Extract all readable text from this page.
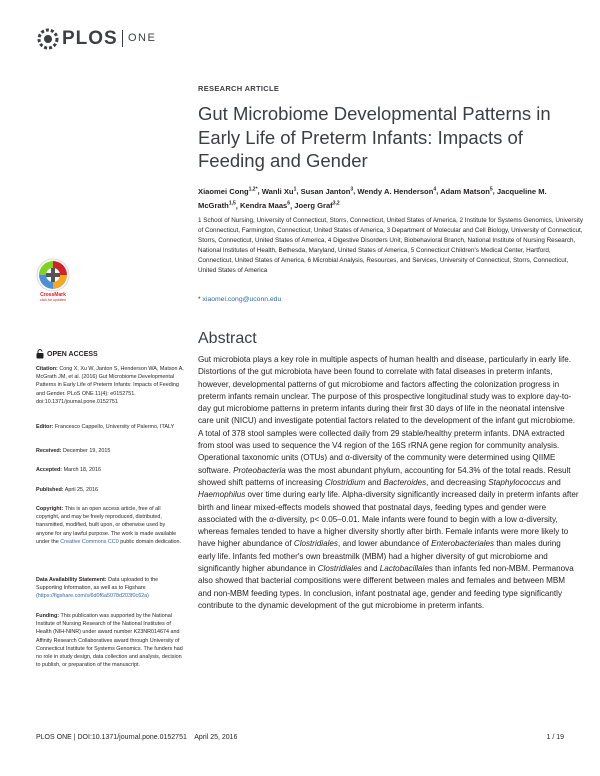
PLOS ONE
RESEARCH ARTICLE
Gut Microbiome Developmental Patterns in Early Life of Preterm Infants: Impacts of Feeding and Gender
Xiaomei Cong$^{1,2*}$, Wanli Xu$^1$, Susan Janton$^3$, Wendy A. Henderson$^4$, Adam Matson$^5$, Jacqueline M. McGrath$^{1,5}$, Kendra Maas$^6$, Joerg Graf$^{3,2}$
1 School of Nursing, University of Connecticut, Storrs, Connecticut, United States of America, 2 Institute for Systems Genomics, University of Connecticut, Farmington, Connecticut, United States of America, 3 Department of Molecular and Cell Biology, University of Connecticut, Storrs, Connecticut, United States of America, 4 Digestive Disorders Unit, Biobehavioral Branch, National Institute of Nursing Research, National Institutes of Health, Bethesda, Maryland, United States of America, 5 Connecticut Children's Medical Center, Hartford, Connecticut, United States of America, 6 Microbial Analysis, Resources, and Services, University of Connecticut, Storrs, Connecticut, United States of America
* xiaomei.cong@uconn.edu
CrossMark
click for updates
OPEN ACCESS
Citation: Cong X, Xu W, Janton S, Henderson WA, Matson A, McGrath JM, et al. (2016) Gut Microbiome Developmental Patterns in Early Life of Preterm Infants: Impacts of Feeding and Gender. PLoS ONE 11(4): e0152751. doi:10.1371/journal.pone.0152751
Editor: Francesco Cappello, University of Palermo, ITALY
Received: December 19, 2015
Accepted: March 18, 2016
Published: April 25, 2016
Copyright: This is an open access article, free of all copyright, and may be freely reproduced, distributed, transmitted, modified, built upon, or otherwise used by anyone for any lawful purpose. The work is made available under the Creative Commons CC0 public domain dedication.
Data Availability Statement: Data uploaded to the Supporting Information, as well as to Figshare (https://figshare.com/s/6d0f6a5078d203f0c62a)
Funding: This publication was supported by the National Institute of Nursing Research of the National Institutes of Health (NIH-NINR) under award number K23NR014674 and Affinity Research Collaboratives award through University of Connecticut Institute for Systems Genomics. The funders had no role in study design, data collection and analysis, decision to publish, or preparation of the manuscript.
Abstract

Gut microbiota plays a key role in multiple aspects of human health and disease, particularly in early life. Distortions of the gut microbiota have been found to correlate with fatal diseases in preterm infants, however, developmental patterns of gut microbiome and factors affecting the colonization progress in preterm infants remain unclear. The purpose of this prospective longitudinal study was to explore day-to-day gut microbiome patterns in preterm infants during their first 30 days of life in the neonatal intensive care unit (NICU) and investigate potential factors related to the development of the infant gut microbiome. A total of 378 stool samples were collected daily from 29 stable/healthy preterm infants. DNA extracted from stool was used to sequence the V4 region of the 16S rRNA gene region for community analysis. Operational taxonomic units (OTUs) and α-diversity of the community were determined using QIIME software. Proteobacteria was the most abundant phylum, accounting for 54.3% of the total reads. Result showed shift patterns of increasing Clostridium and Bacteroides, and decreasing Staphylococcus and Haemophilus over time during early life. Alpha-diversity significantly increased daily in preterm infants after birth and linear mixed-effects models showed that postnatal days, feeding types and gender were associated with the α-diversity, p< 0.05–0.01. Male infants were found to begin with a low α-diversity, whereas females tended to have a higher diversity shortly after birth. Female infants were more likely to have higher abundance of Clostridiales, and lower abundance of Enterobacteriales than males during early life. Infants fed mother's own breastmilk (MBM) had a higher diversity of gut microbiome and significantly higher abundance in Clostridiales and Lactobacillales than infants fed non-MBM. Permanova also showed that bacterial compositions were different between males and females and between MBM and non-MBM feeding types. In conclusion, infant postnatal age, gender and feeding type significantly contribute to the dynamic development of the gut microbiome in preterm infants.

PLOS ONE | DOI:10.1371/journal.pone.0152751    April 25, 2016	1 / 19
